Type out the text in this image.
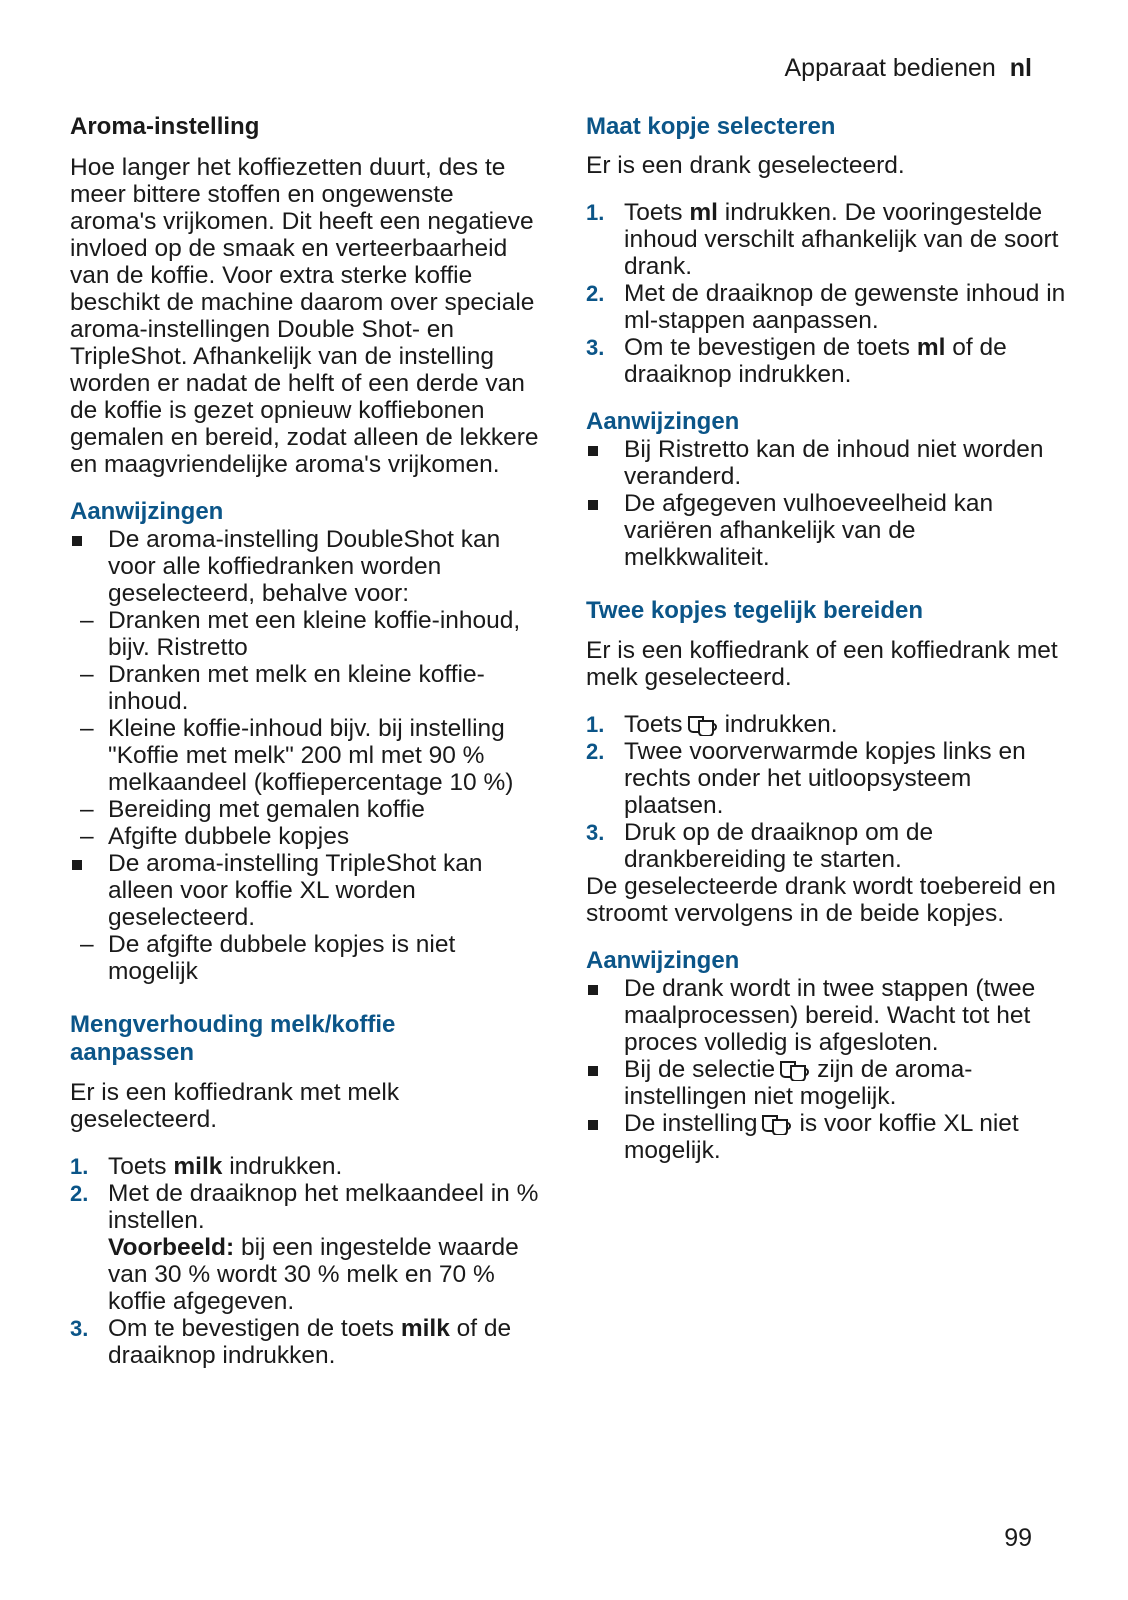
Apparaat bedienen nl
Aroma-instelling

Hoe langer het koffiezetten duurt, des te meer bittere stoffen en ongewenste aroma's vrijkomen. Dit heeft een negatieve invloed op de smaak en verteerbaarheid van de koffie. Voor extra sterke koffie beschikt de machine daarom over speciale aroma-instellingen Double Shot- en TripleShot. Afhankelijk van de instelling worden er nadat de helft of een derde van de koffie is gezet opnieuw koffiebonen gemalen en bereid, zodat alleen de lekkere en maagvriendelijke aroma's vrijkomen.

Aanwijzingen
De aroma-instelling DoubleShot kan voor alle koffiedranken worden geselecteerd, behalve voor:
– Dranken met een kleine koffie-inhoud, bijv. Ristretto
– Dranken met melk en kleine koffie-inhoud.
– Kleine koffie-inhoud bijv. bij instelling "Koffie met melk" 200 ml met 90 % melkaandeel (koffiepercentage 10 %)
– Bereiding met gemalen koffie
– Afgifte dubbele kopjes
De aroma-instelling TripleShot kan alleen voor koffie XL worden geselecteerd.
– De afgifte dubbele kopjes is niet mogelijk
Mengverhouding melk/koffie aanpassen

Er is een koffiedrank met melk geselecteerd.

1. Toets milk indrukken.
2. Met de draaiknop het melkaandeel in % instellen.
Voorbeeld: bij een ingestelde waarde van 30 % wordt 30 % melk en 70 % koffie afgegeven.
3. Om te bevestigen de toets milk of de draaiknop indrukken.
Maat kopje selecteren

Er is een drank geselecteerd.

1. Toets ml indrukken. De vooringestelde inhoud verschilt afhankelijk van de soort drank.
2. Met de draaiknop de gewenste inhoud in ml-stappen aanpassen.
3. Om te bevestigen de toets ml of de draaiknop indrukken.
Aanwijzingen
Bij Ristretto kan de inhoud niet worden veranderd.
De afgegeven vulhoeveelheid kan variëren afhankelijk van de melkkwaliteit.
Twee kopjes tegelijk bereiden

Er is een koffiedrank of een koffiedrank met melk geselecteerd.

1. Toets indrukken.
2. Twee voorverwarmde kopjes links en rechts onder het uitloopsysteem plaatsen.
3. Druk op de draaiknop om de drankbereiding te starten.

De geselecteerde drank wordt toebereid en stroomt vervolgens in de beide kopjes.

Aanwijzingen
De drank wordt in twee stappen (twee maalprocessen) bereid. Wacht tot het proces volledig is afgesloten.
Bij de selectie zijn de aroma-instellingen niet mogelijk.
De instelling is voor koffie XL niet mogelijk.
99
